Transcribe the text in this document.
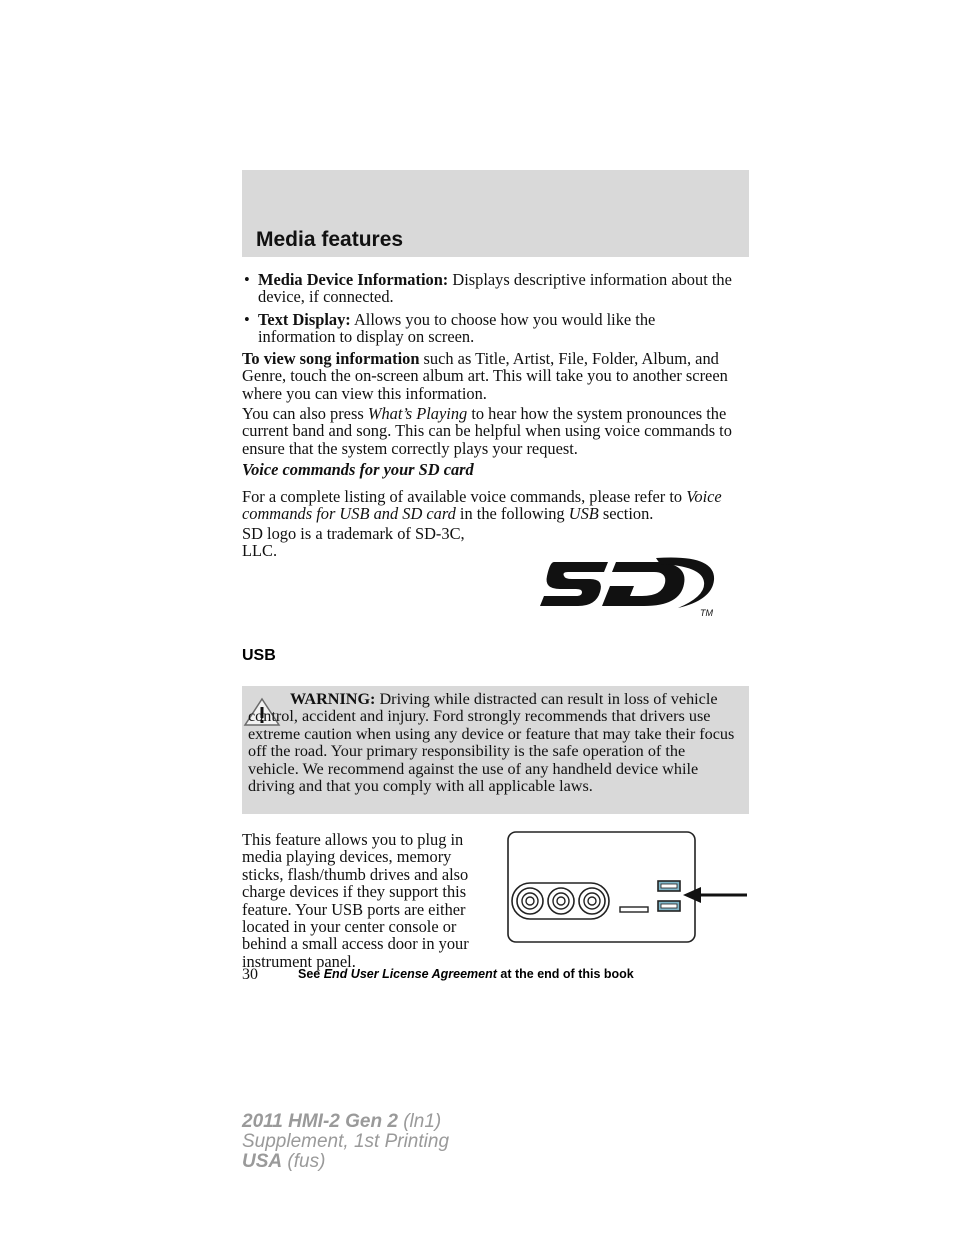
Media features

• Media Device Information: Displays descriptive information about the device, if connected.

• Text Display: Allows you to choose how you would like the information to display on screen.

To view song information such as Title, Artist, File, Folder, Album, and Genre, touch the on-screen album art. This will take you to another screen where you can view this information.

You can also press What’s Playing to hear how the system pronounces the current band and song. This can be helpful when using voice commands to ensure that the system correctly plays your request.

Voice commands for your SD card

For a complete listing of available voice commands, please refer to Voice commands for USB and SD card in the following USB section.

SD logo is a trademark of SD-3C, LLC.

TM
USB

WARNING: Driving while distracted can result in loss of vehicle control, accident and injury. Ford strongly recommends that drivers use extreme caution when using any device or feature that may take their focus off the road. Your primary responsibility is the safe operation of the vehicle. We recommend against the use of any handheld device while driving and that you comply with all applicable laws.

This feature allows you to plug in media playing devices, memory sticks, flash/thumb drives and also charge devices if they support this feature. Your USB ports are either located in your center console or behind a small access door in your instrument panel.

30	See End User License Agreement at the end of this book
2011 HMI-2 Gen 2 (ln1)
Supplement, 1st Printing
USA (fus)
